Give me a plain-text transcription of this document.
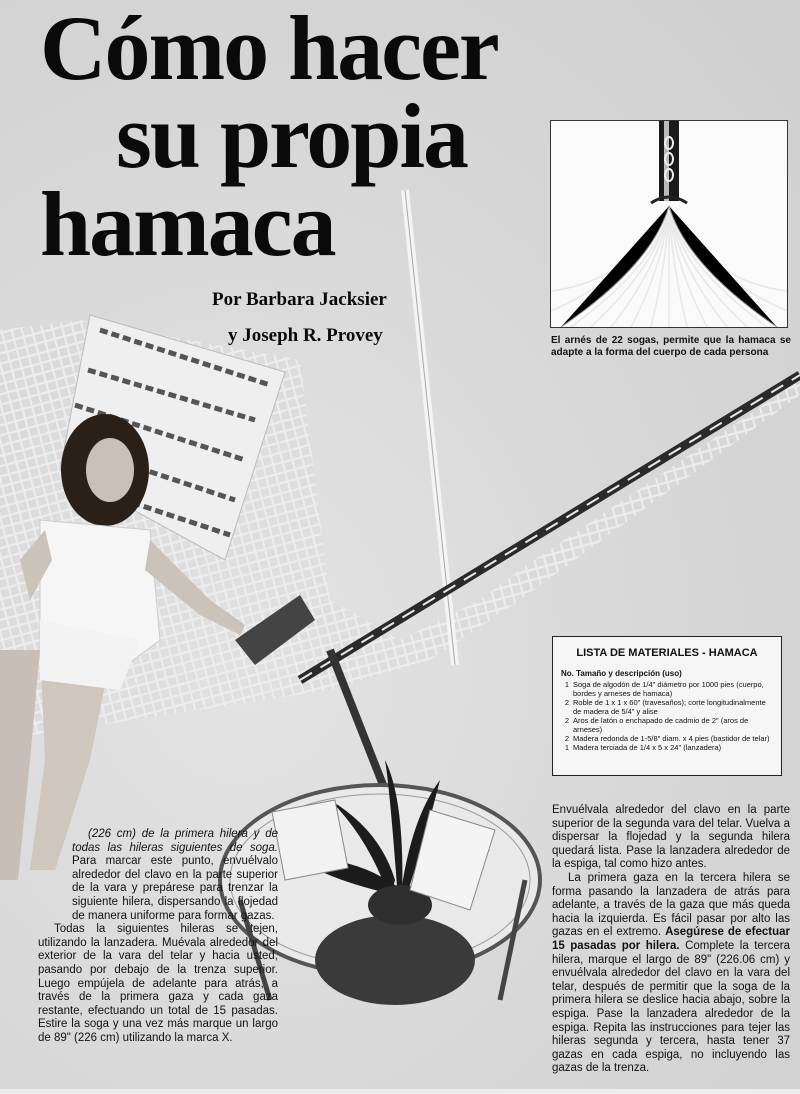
Cómo hacer
su propia
hamaca
Por Barbara Jacksier
y Joseph R. Provey	El arnés de 22 sogas, permite que la hamaca se adapte a la forma del cuerpo de cada persona
LISTA DE MATERIALES - HAMACA
No. Tamaño y descripción (uso)
1 Soga de algodón de 1/4" diámetro por 1000 pies (cuerpo, bordes y arneses de hamaca)
2 Roble de 1 x 1 x 60" (travesaños); corte longitudinalmente de madera de 5/4" y alise
2 Aros de latón o enchapado de cadmio de 2" (aros de arneses)
2 Madera redonda de 1-5/8" diam. x 4 pies (bastidor de telar)
1 Madera terciada de 1/4 x 5 x 24" (lanzadera)

(226 cm) de la primera hilera y de todas las hileras siguientes de soga. Para marcar este punto, envuélvalo alrededor del clavo en la parte superior de la vara y prepárese para trenzar la siguiente hilera, dispersando la flojedad de manera uniforme para formar gazas.

Todas la siguientes hileras se tejen, utilizando la lanzadera. Muévala alrededor del exterior de la vara del telar y hacia usted, pasando por debajo de la trenza superior. Luego empújela de adelante para atrás, a través de la primera gaza y cada gaza restante, efectuando un total de 15 pasadas. Estire la soga y una vez más marque un largo de 89" (226 cm) utilizando la marca X.

Envuélvala alrededor del clavo en la parte superior de la segunda vara del telar. Vuelva a dispersar la flojedad y la segunda hilera quedará lista. Pase la lanzadera alrededor de la espiga, tal como hizo antes.

La primera gaza en la tercera hilera se forma pasando la lanzadera de atrás para adelante, a través de la gaza que más queda hacia la izquierda. Es fácil pasar por alto las gazas en el extremo. Asegúrese de efectuar 15 pasadas por hilera. Complete la tercera hilera, marque el largo de 89" (226.06 cm) y envuélvala alrededor del clavo en la vara del telar, después de permitir que la soga de la primera hilera se deslice hacia abajo, sobre la espiga. Pase la lanzadera alrededor de la espiga. Repita las instrucciones para tejer las hileras segunda y tercera, hasta tener 37 gazas en cada espiga, no incluyendo las gazas de la trenza.
